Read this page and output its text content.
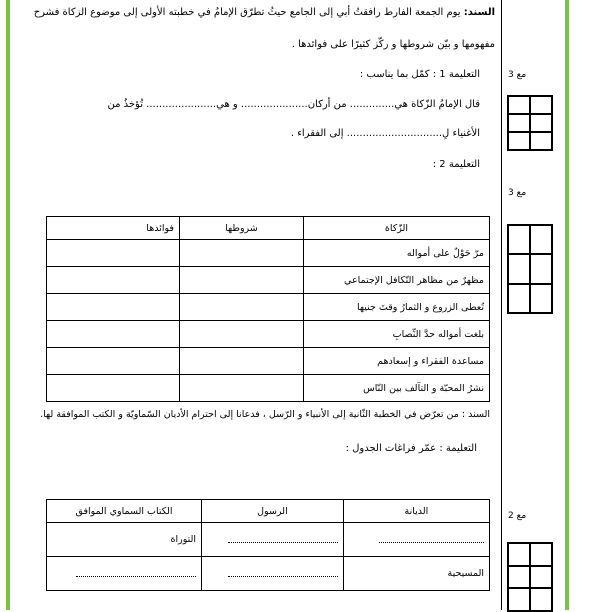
السند: يوم الجمعة الفارط رافقتُ أبي إلى الجامع حيثُ تطرّق الإمامُ في خطبته الأولى إلى موضوع الزكاة فشرح
مفهومها و بيّن شروطها و ركّز كثيرًا على فوائدها .
التعليمة 1 : كمّل بما يناسب :
قال الإمامُ الزّكاة هي.............. من أركان..................... و هي...................... تُؤخذُ من
الأغنياء لِ.............................. إلى الفقراء .
التعليمة 2 :
الزّكاة	شروطها	فوائدها
مرّ حَوْلٌ على أمواله		
مظهرٌ من مظاهر التّكافل الإجتماعي		
تُعطى الزروع و الثمارُ وقتَ جنيها		
بلغت أمواله حدَّ النِّصابِ		
مساعدة الفقراء و إسعادهم		
نشرُ المحبّة و التآلف بين النّاس		
السند : من تعرّض في الخطبة الثّانية إلى الأنبياء و الرّسل ، فدعانا إلى احترام الأديان السّماويّة و الكتب الموافقة لها.
التعليمة : عمّر فراغات الجدول :
الديانة	الرسول	الكتاب السماوي الموافق
		التوراة
المسيحية		
مع 3
مع 3
مع 2
